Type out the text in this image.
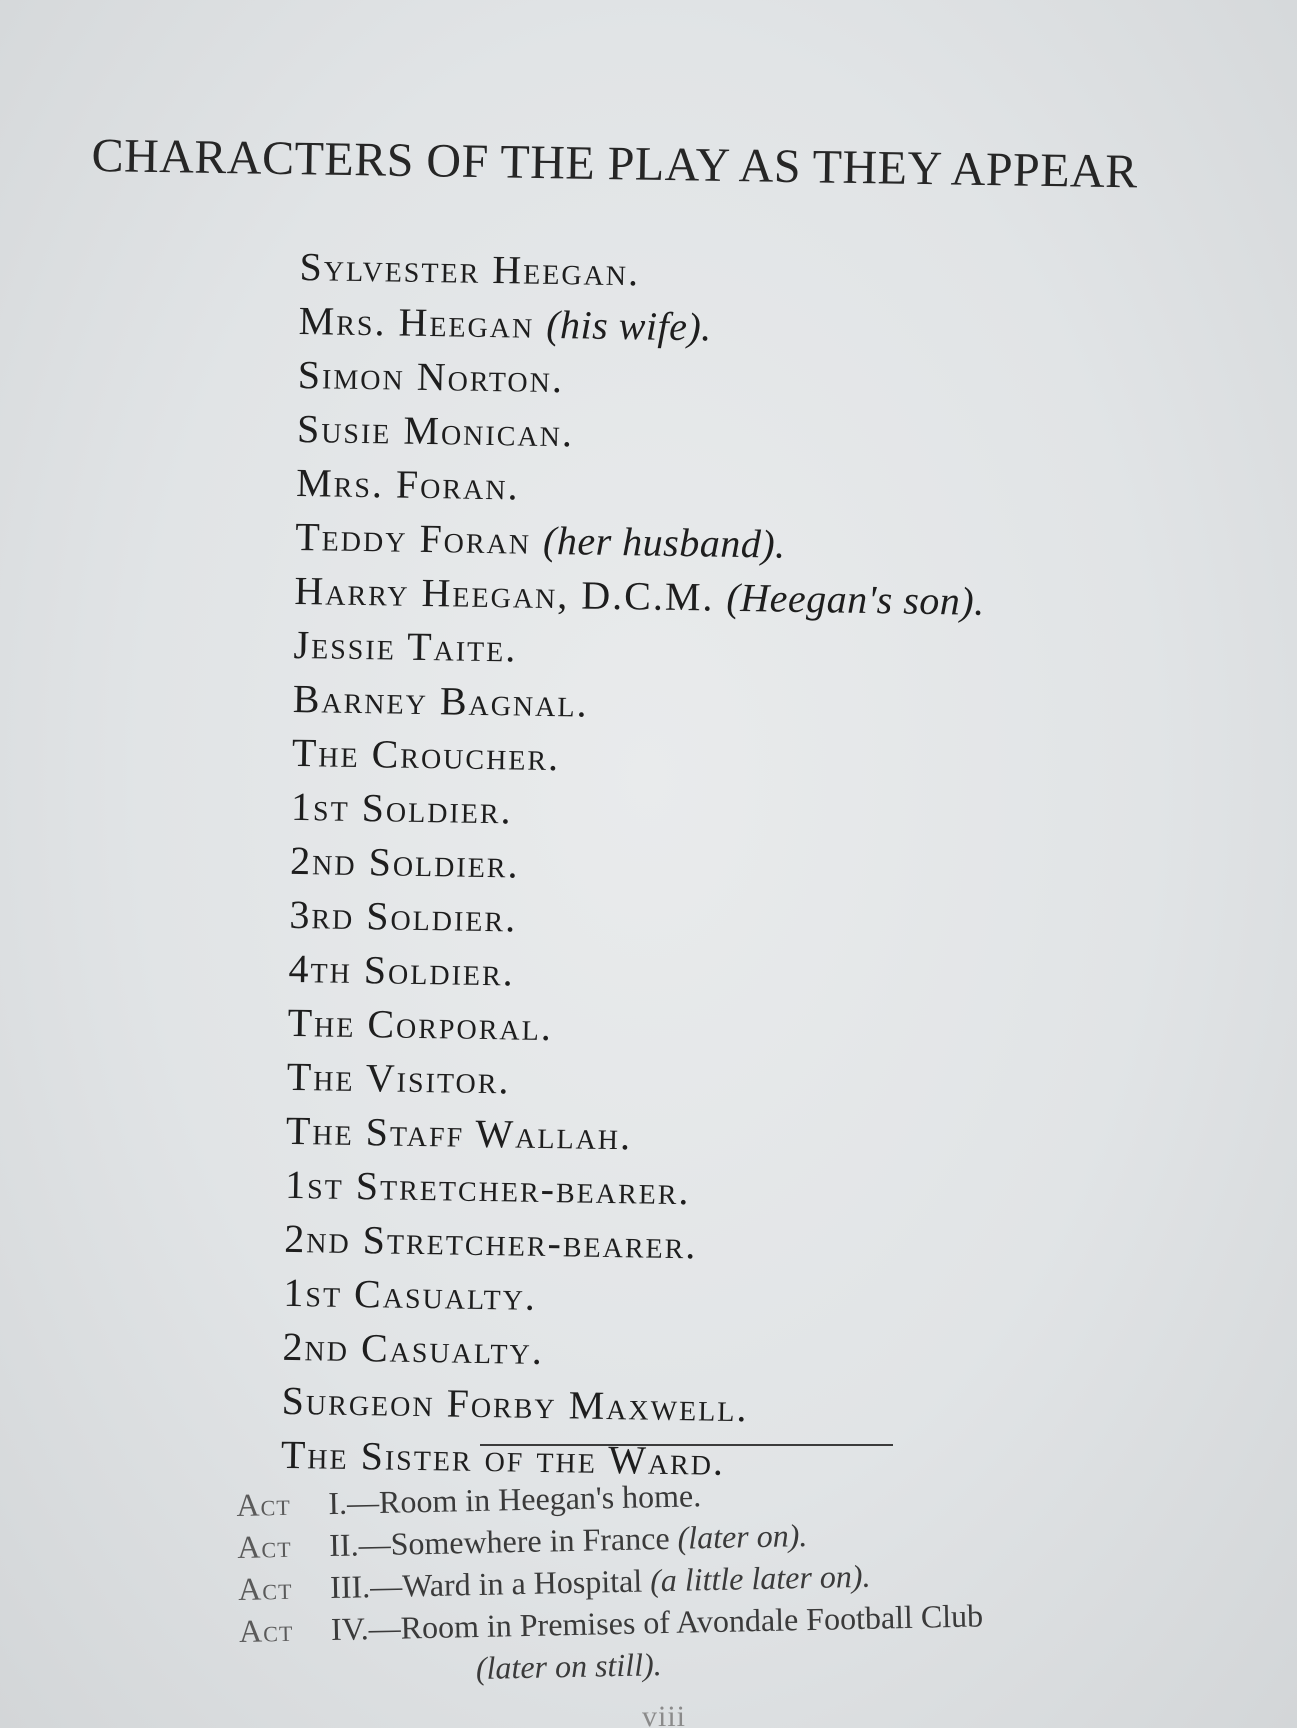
CHARACTERS OF THE PLAY AS THEY APPEAR
Sylvester Heegan.
Mrs. Heegan (his wife).
Simon Norton.
Susie Monican.
Mrs. Foran.
Teddy Foran (her husband).
Harry Heegan, D.C.M. (Heegan's son).
Jessie Taite.
Barney Bagnal.
The Croucher.
1st Soldier.
2nd Soldier.
3rd Soldier.
4th Soldier.
The Corporal.
The Visitor.
The Staff Wallah.
1st Stretcher-bearer.
2nd Stretcher-bearer.
1st Casualty.
2nd Casualty.
Surgeon Forby Maxwell.
The Sister of the Ward.
Act I.—Room in Heegan's home.
Act II.—Somewhere in France (later on).
Act III.—Ward in a Hospital (a little later on).
Act IV.—Room in Premises of Avondale Football Club
(later on still).
viii
